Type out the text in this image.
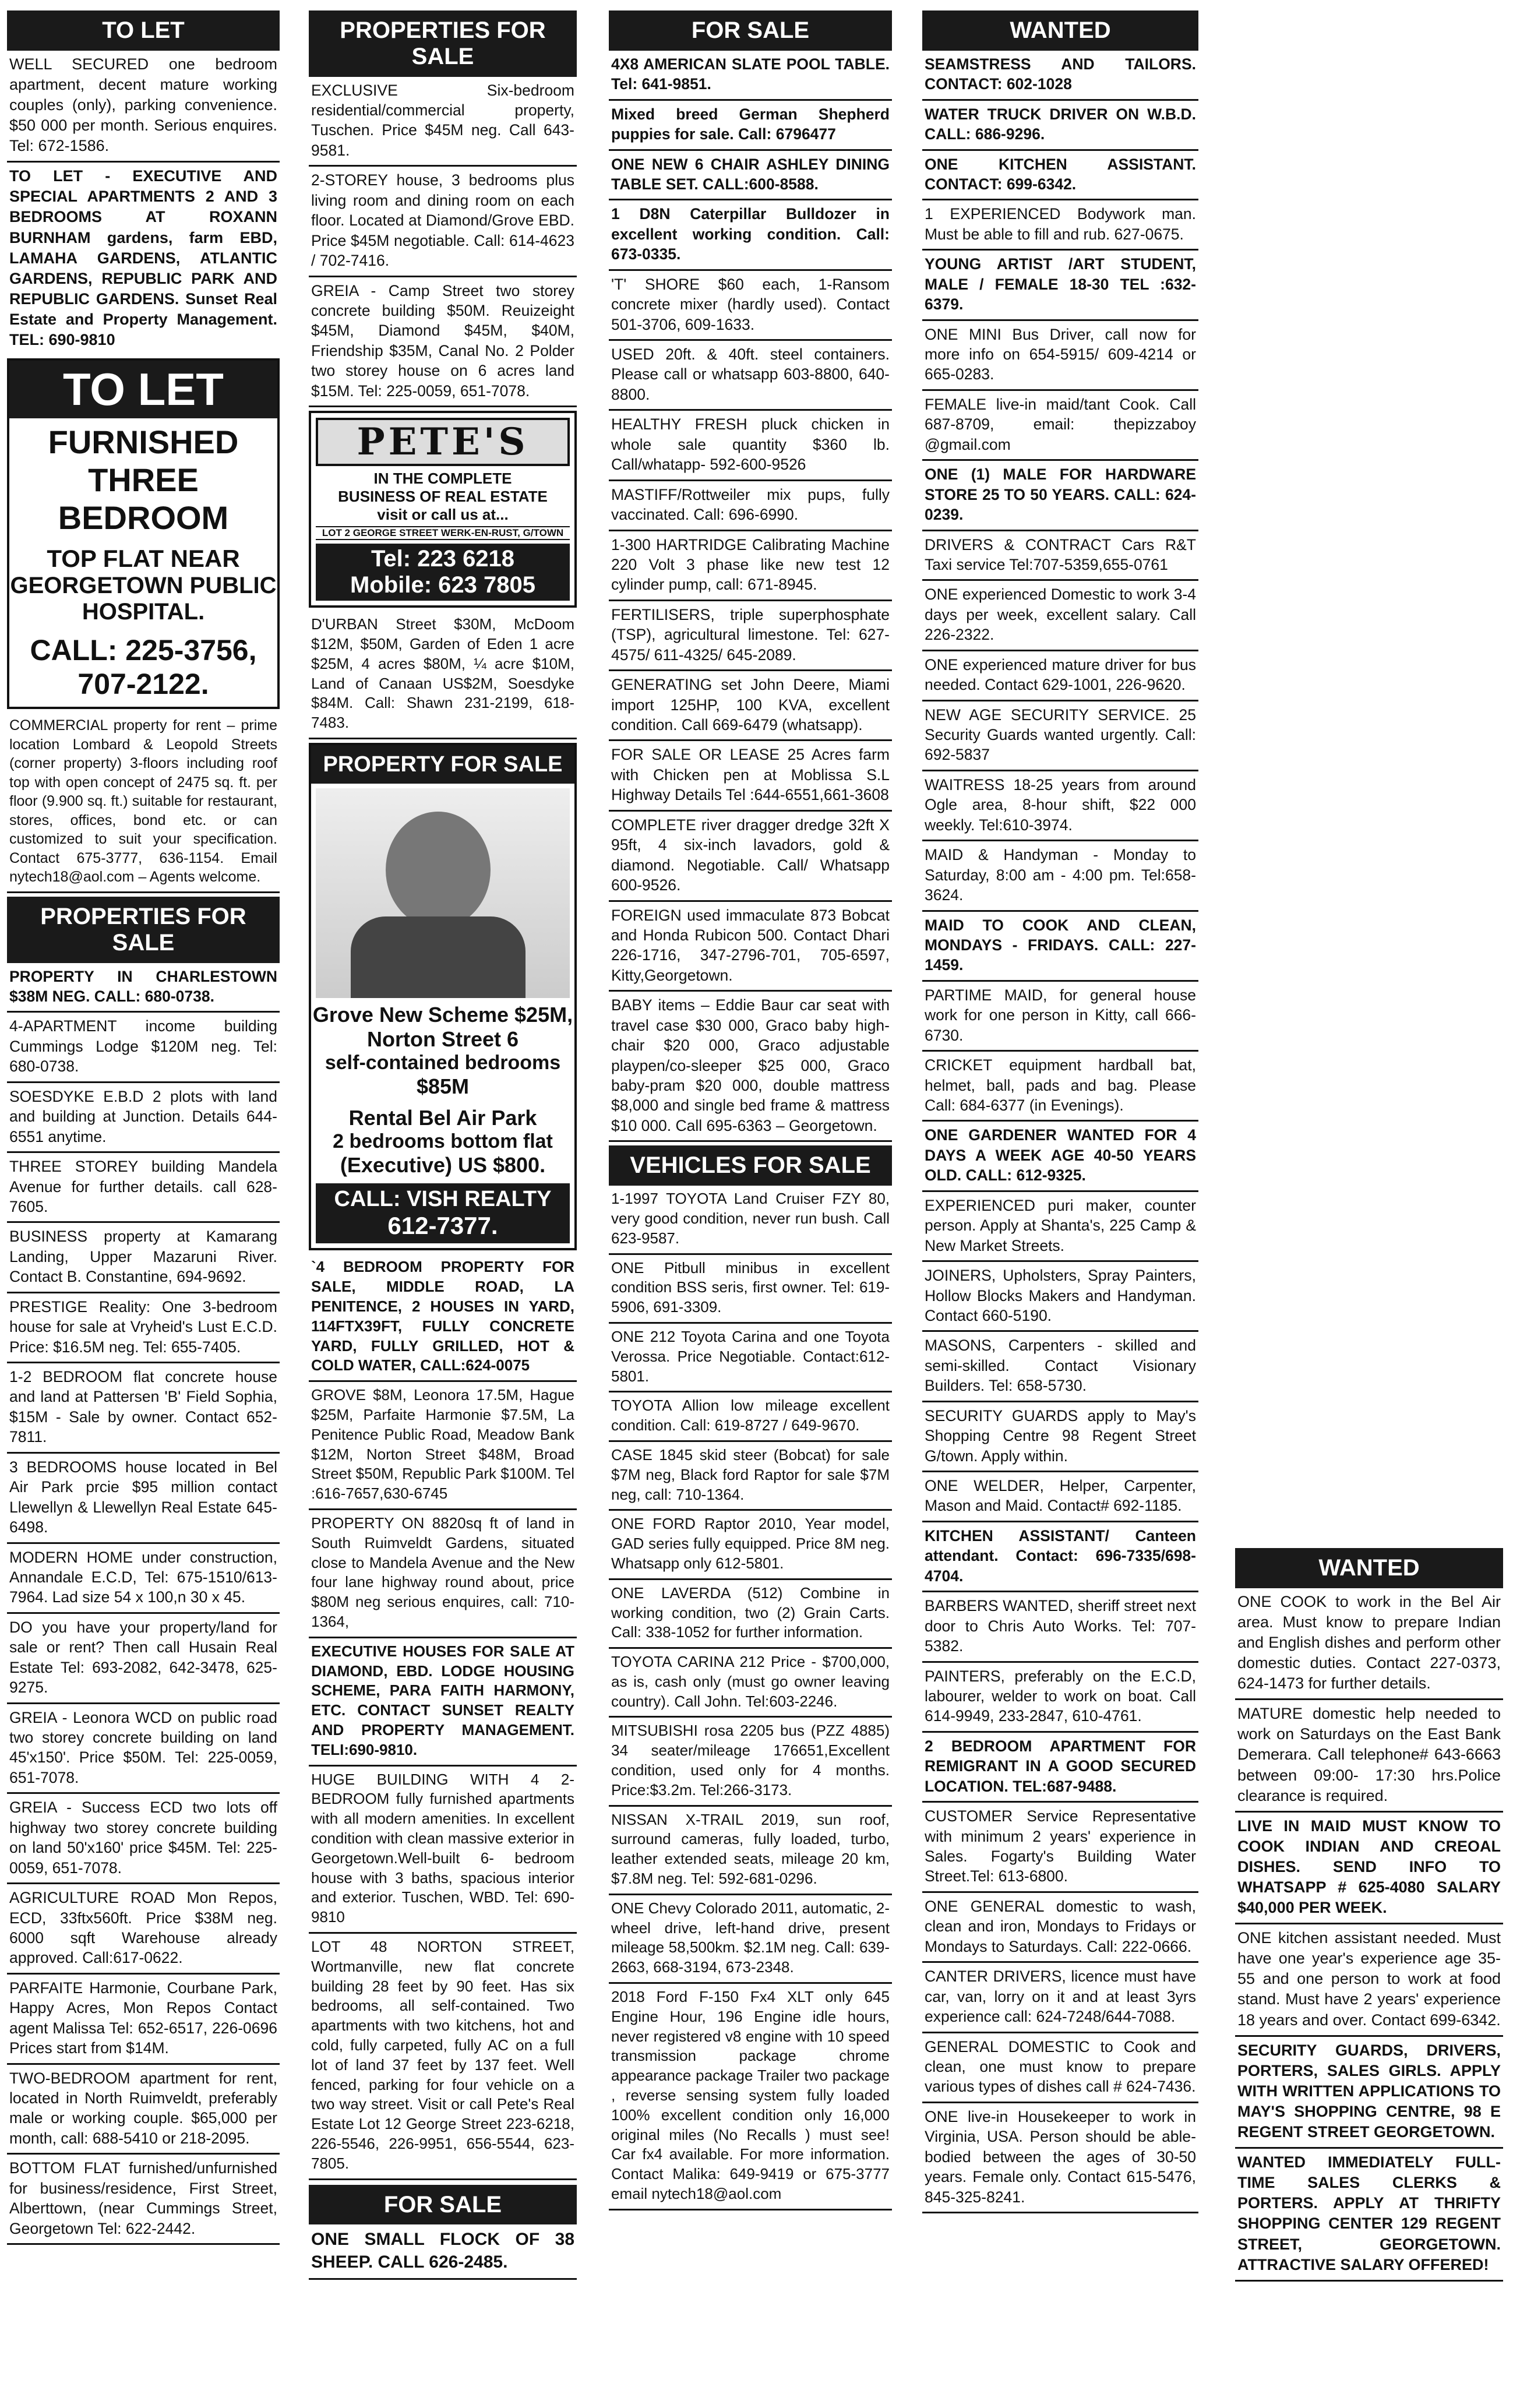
TO LET
WELL SECURED one bedroom apartment, decent mature working couples (only), parking convenience. $50 000 per month. Serious enquires. Tel: 672-1586.
TO LET - EXECUTIVE AND SPECIAL APARTMENTS 2 AND 3 BEDROOMS AT ROXANN BURNHAM gardens, farm EBD, LAMAHA GARDENS, ATLANTIC GARDENS, REPUBLIC PARK AND REPUBLIC GARDENS. Sunset Real Estate and Property Management. TEL: 690-9810
TO LET
FURNISHED
THREE BEDROOM
TOP FLAT NEAR
GEORGETOWN PUBLIC
HOSPITAL.
CALL: 225-3756,
707-2122.
COMMERCIAL property for rent – prime location Lombard & Leopold Streets (corner property) 3-floors including roof top with open concept of 2475 sq. ft. per floor (9.900 sq. ft.) suitable for restaurant, stores, offices, bond etc. or can customized to suit your specification. Contact 675-3777, 636-1154. Email nytech18@aol.com – Agents welcome.
PROPERTIES FOR SALE
PROPERTY IN CHARLESTOWN $38M NEG. CALL: 680-0738.
4-APARTMENT income building Cummings Lodge $120M neg. Tel: 680-0738.
SOESDYKE E.B.D 2 plots with land and building at Junction. Details 644-6551 anytime.
THREE STOREY building Mandela Avenue for further details. call 628-7605.
BUSINESS property at Kamarang Landing, Upper Mazaruni River. Contact B. Constantine, 694-9692.
PRESTIGE Reality: One 3-bedroom house for sale at Vryheid's Lust E.C.D. Price: $16.5M neg. Tel: 655-7405.
1-2 BEDROOM flat concrete house and land at Pattersen 'B' Field Sophia, $15M - Sale by owner. Contact 652-7811.
3 BEDROOMS house located in Bel Air Park prcie $95 million contact Llewellyn & Llewellyn Real Estate 645-6498.
MODERN HOME under construction, Annandale E.C.D, Tel: 675-1510/613-7964. Lad size 54 x 100,n 30 x 45.
DO you have your property/land for sale or rent? Then call Husain Real Estate Tel: 693-2082, 642-3478, 625-9275.
GREIA - Leonora WCD on public road two storey concrete building on land 45'x150'. Price $50M. Tel: 225-0059, 651-7078.
GREIA - Success ECD two lots off highway two storey concrete building on land 50'x160' price $45M. Tel: 225-0059, 651-7078.
AGRICULTURE ROAD Mon Repos, ECD, 33ftx560ft. Price $38M neg. 6000 sqft Warehouse already approved. Call:617-0622.
PARFAITE Harmonie, Courbane Park, Happy Acres, Mon Repos Contact agent Malissa Tel: 652-6517, 226-0696 Prices start from $14M.
TWO-BEDROOM apartment for rent, located in North Ruimveldt, preferably male or working couple. $65,000 per month, call: 688-5410 or 218-2095.
BOTTOM FLAT furnished/unfurnished for business/residence, First Street, Alberttown, (near Cummings Street, Georgetown Tel: 622-2442.
PROPERTIES FOR SALE
EXCLUSIVE Six-bedroom residential/commercial property, Tuschen. Price $45M neg. Call 643-9581.
2-STOREY house, 3 bedrooms plus living room and dining room on each floor. Located at Diamond/Grove EBD. Price $45M negotiable. Call: 614-4623 / 702-7416.
GREIA - Camp Street two storey concrete building $50M. Reuizeight $45M, Diamond $45M, $40M, Friendship $35M, Canal No. 2 Polder two storey house on 6 acres land $15M. Tel: 225-0059, 651-7078.
PETE'S
IN THE COMPLETE
BUSINESS OF REAL ESTATE
visit or call us at...
LOT 2 GEORGE STREET WERK-EN-RUST, G/TOWN
Tel: 223 6218
Mobile: 623 7805
D'URBAN Street $30M, McDoom $12M, $50M, Garden of Eden 1 acre $25M, 4 acres $80M, ¼ acre $10M, Land of Canaan US$2M, Soesdyke $84M. Call: Shawn 231-2199, 618-7483.
PROPERTY FOR SALE
Grove New Scheme $25M,
Norton Street 6
self-contained bedrooms
$85M
Rental Bel Air Park
2 bedrooms bottom flat
(Executive) US $800.
CALL: VISH REALTY
612-7377.
`4 BEDROOM PROPERTY FOR SALE, MIDDLE ROAD, LA PENITENCE, 2 HOUSES IN YARD, 114FTX39FT, FULLY CONCRETE YARD, FULLY GRILLED, HOT & COLD WATER, CALL:624-0075
GROVE $8M, Leonora 17.5M, Hague $25M, Parfaite Harmonie $7.5M, La Penitence Public Road, Meadow Bank $12M, Norton Street $48M, Broad Street $50M, Republic Park $100M. Tel :616-7657,630-6745
PROPERTY ON 8820sq ft of land in South Ruimveldt Gardens, situated close to Mandela Avenue and the New four lane highway round about, price $80M neg serious enquires, call: 710-1364,
EXECUTIVE HOUSES FOR SALE AT DIAMOND, EBD. LODGE HOUSING SCHEME, PARA FAITH HARMONY, ETC. CONTACT SUNSET REALTY AND PROPERTY MANAGEMENT. TELI:690-9810.
HUGE BUILDING WITH 4 2- BEDROOM fully furnished apartments with all modern amenities. In excellent condition with clean massive exterior in Georgetown.Well-built 6- bedroom house with 3 baths, spacious interior and exterior. Tuschen, WBD. Tel: 690-9810
LOT 48 NORTON STREET, Wortmanville, new flat concrete building 28 feet by 90 feet. Has six bedrooms, all self-contained. Two apartments with two kitchens, hot and cold, fully carpeted, fully AC on a full lot of land 37 feet by 137 feet. Well fenced, parking for four vehicle on a two way street. Visit or call Pete's Real Estate Lot 12 George Street 223-6218, 226-5546, 226-9951, 656-5544, 623-7805.
FOR SALE
ONE SMALL FLOCK OF 38 SHEEP. CALL 626-2485.
FOR SALE
4X8 AMERICAN SLATE POOL TABLE. Tel: 641-9851.
Mixed breed German Shepherd puppies for sale. Call: 6796477
ONE NEW 6 CHAIR ASHLEY DINING TABLE SET. CALL:600-8588.
1 D8N Caterpillar Bulldozer in excellent working condition. Call: 673-0335.
'T' SHORE $60 each, 1-Ransom concrete mixer (hardly used). Contact 501-3706, 609-1633.
USED 20ft. & 40ft. steel containers. Please call or whatsapp 603-8800, 640-8800.
HEALTHY FRESH pluck chicken in whole sale quantity $360 lb. Call/whatapp- 592-600-9526
MASTIFF/Rottweiler mix pups, fully vaccinated. Call: 696-6990.
1-300 HARTRIDGE Calibrating Machine 220 Volt 3 phase like new test 12 cylinder pump, call: 671-8945.
FERTILISERS, triple superphosphate (TSP), agricultural limestone. Tel: 627-4575/ 611-4325/ 645-2089.
GENERATING set John Deere, Miami import 125HP, 100 KVA, excellent condition. Call 669-6479 (whatsapp).
FOR SALE OR LEASE 25 Acres farm with Chicken pen at Moblissa S.L Highway Details Tel :644-6551,661-3608
COMPLETE river dragger dredge 32ft X 95ft, 4 six-inch lavadors, gold & diamond. Negotiable. Call/ Whatsapp 600-9526.
FOREIGN used immaculate 873 Bobcat and Honda Rubicon 500. Contact Dhari 226-1716, 347-2796-701, 705-6597, Kitty,Georgetown.
BABY items – Eddie Baur car seat with travel case $30 000, Graco baby high-chair $20 000, Graco adjustable playpen/co-sleeper $25 000, Graco baby-pram $20 000, double mattress $8,000 and single bed frame & mattress $10 000. Call 695-6363 – Georgetown.
VEHICLES FOR SALE
1-1997 TOYOTA Land Cruiser FZY 80, very good condition, never run bush. Call 623-9587.
ONE Pitbull minibus in excellent condition BSS seris, first owner. Tel: 619-5906, 691-3309.
ONE 212 Toyota Carina and one Toyota Verossa. Price Negotiable. Contact:612-5801.
TOYOTA Allion low mileage excellent condition. Call: 619-8727 / 649-9670.
CASE 1845 skid steer (Bobcat) for sale $7M neg, Black ford Raptor for sale $7M neg, call: 710-1364.
ONE FORD Raptor 2010, Year model, GAD series fully equipped. Price 8M neg. Whatsapp only 612-5801.
ONE LAVERDA (512) Combine in working condition, two (2) Grain Carts. Call: 338-1052 for further information.
TOYOTA CARINA 212 Price - $700,000, as is, cash only (must go owner leaving country). Call John. Tel:603-2246.
MITSUBISHI rosa 2205 bus (PZZ 4885) 34 seater/mileage 176651,Excellent condition, used only for 4 months. Price:$3.2m. Tel:266-3173.
NISSAN X-TRAIL 2019, sun roof, surround cameras, fully loaded, turbo, leather extended seats, mileage 20 km, $7.8M neg. Tel: 592-681-0296.
ONE Chevy Colorado 2011, automatic, 2-wheel drive, left-hand drive, present mileage 58,500km. $2.1M neg. Call: 639-2663, 668-3194, 673-2348.
2018 Ford F-150 Fx4 XLT only 645 Engine Hour, 196 Engine idle hours, never registered v8 engine with 10 speed transmission package chrome appearance package Trailer two package , reverse sensing system fully loaded 100% excellent condition only 16,000 original miles (No Recalls ) must see! Car fx4 available. For more information. Contact Malika: 649-9419 or 675-3777 email nytech18@aol.com
WANTED
SEAMSTRESS AND TAILORS. CONTACT: 602-1028
WATER TRUCK DRIVER ON W.B.D. CALL: 686-9296.
ONE KITCHEN ASSISTANT. CONTACT: 699-6342.
1 EXPERIENCED Bodywork man. Must be able to fill and rub. 627-0675.
YOUNG ARTIST /ART STUDENT, MALE / FEMALE 18-30 TEL :632-6379.
ONE MINI Bus Driver, call now for more info on 654-5915/ 609-4214 or 665-0283.
FEMALE live-in maid/tant Cook. Call 687-8709, email: thepizzaboy @gmail.com
ONE (1) MALE FOR HARDWARE STORE 25 TO 50 YEARS. CALL: 624-0239.
DRIVERS & CONTRACT Cars R&T Taxi service Tel:707-5359,655-0761
ONE experienced Domestic to work 3-4 days per week, excellent salary. Call 226-2322.
ONE experienced mature driver for bus needed. Contact 629-1001, 226-9620.
NEW AGE SECURITY SERVICE. 25 Security Guards wanted urgently. Call: 692-5837
WAITRESS 18-25 years from around Ogle area, 8-hour shift, $22 000 weekly. Tel:610-3974.
MAID & Handyman - Monday to Saturday, 8:00 am - 4:00 pm. Tel:658-3624.
MAID TO COOK AND CLEAN, MONDAYS - FRIDAYS. CALL: 227-1459.
PARTIME MAID, for general house work for one person in Kitty, call 666-6730.
CRICKET equipment hardball bat, helmet, ball, pads and bag. Please Call: 684-6377 (in Evenings).
ONE GARDENER WANTED FOR 4 DAYS A WEEK AGE 40-50 YEARS OLD. CALL: 612-9325.
EXPERIENCED puri maker, counter person. Apply at Shanta's, 225 Camp & New Market Streets.
JOINERS, Upholsters, Spray Painters, Hollow Blocks Makers and Handyman. Contact 660-5190.
MASONS, Carpenters - skilled and semi-skilled. Contact Visionary Builders. Tel: 658-5730.
SECURITY GUARDS apply to May's Shopping Centre 98 Regent Street G/town. Apply within.
ONE WELDER, Helper, Carpenter, Mason and Maid. Contact# 692-1185.
KITCHEN ASSISTANT/ Canteen attendant. Contact: 696-7335/698-4704.
BARBERS WANTED, sheriff street next door to Chris Auto Works. Tel: 707-5382.
PAINTERS, preferably on the E.C.D, labourer, welder to work on boat. Call 614-9949, 233-2847, 610-4761.
2 BEDROOM APARTMENT FOR REMIGRANT IN A GOOD SECURED LOCATION. TEL:687-9488.
CUSTOMER Service Representative with minimum 2 years' experience in Sales. Fogarty's Building Water Street.Tel: 613-6800.
ONE GENERAL domestic to wash, clean and iron, Mondays to Fridays or Mondays to Saturdays. Call: 222-0666.
CANTER DRIVERS, licence must have car, van, lorry on it and at least 3yrs experience call: 624-7248/644-7088.
GENERAL DOMESTIC to Cook and clean, one must know to prepare various types of dishes call # 624-7436.
ONE live-in Housekeeper to work in Virginia, USA. Person should be able-bodied between the ages of 30-50 years. Female only. Contact 615-5476, 845-325-8241.
WANTED
ONE COOK to work in the Bel Air area. Must know to prepare Indian and English dishes and perform other domestic duties. Contact 227-0373, 624-1473 for further details.
MATURE domestic help needed to work on Saturdays on the East Bank Demerara. Call telephone# 643-6663 between 09:00- 17:30 hrs.Police clearance is required.
LIVE IN MAID MUST KNOW TO COOK INDIAN AND CREOAL DISHES. SEND INFO TO WHATSAPP # 625-4080 SALARY $40,000 PER WEEK.
ONE kitchen assistant needed. Must have one year's experience age 35-55 and one person to work at food stand. Must have 2 years' experience 18 years and over. Contact 699-6342.
SECURITY GUARDS, DRIVERS, PORTERS, SALES GIRLS. APPLY WITH WRITTEN APPLICATIONS TO MAY'S SHOPPING CENTRE, 98 E REGENT STREET GEORGETOWN.
WANTED IMMEDIATELY FULL-TIME SALES CLERKS & PORTERS. APPLY AT THRIFTY SHOPPING CENTER 129 REGENT STREET, GEORGETOWN. ATTRACTIVE SALARY OFFERED!
